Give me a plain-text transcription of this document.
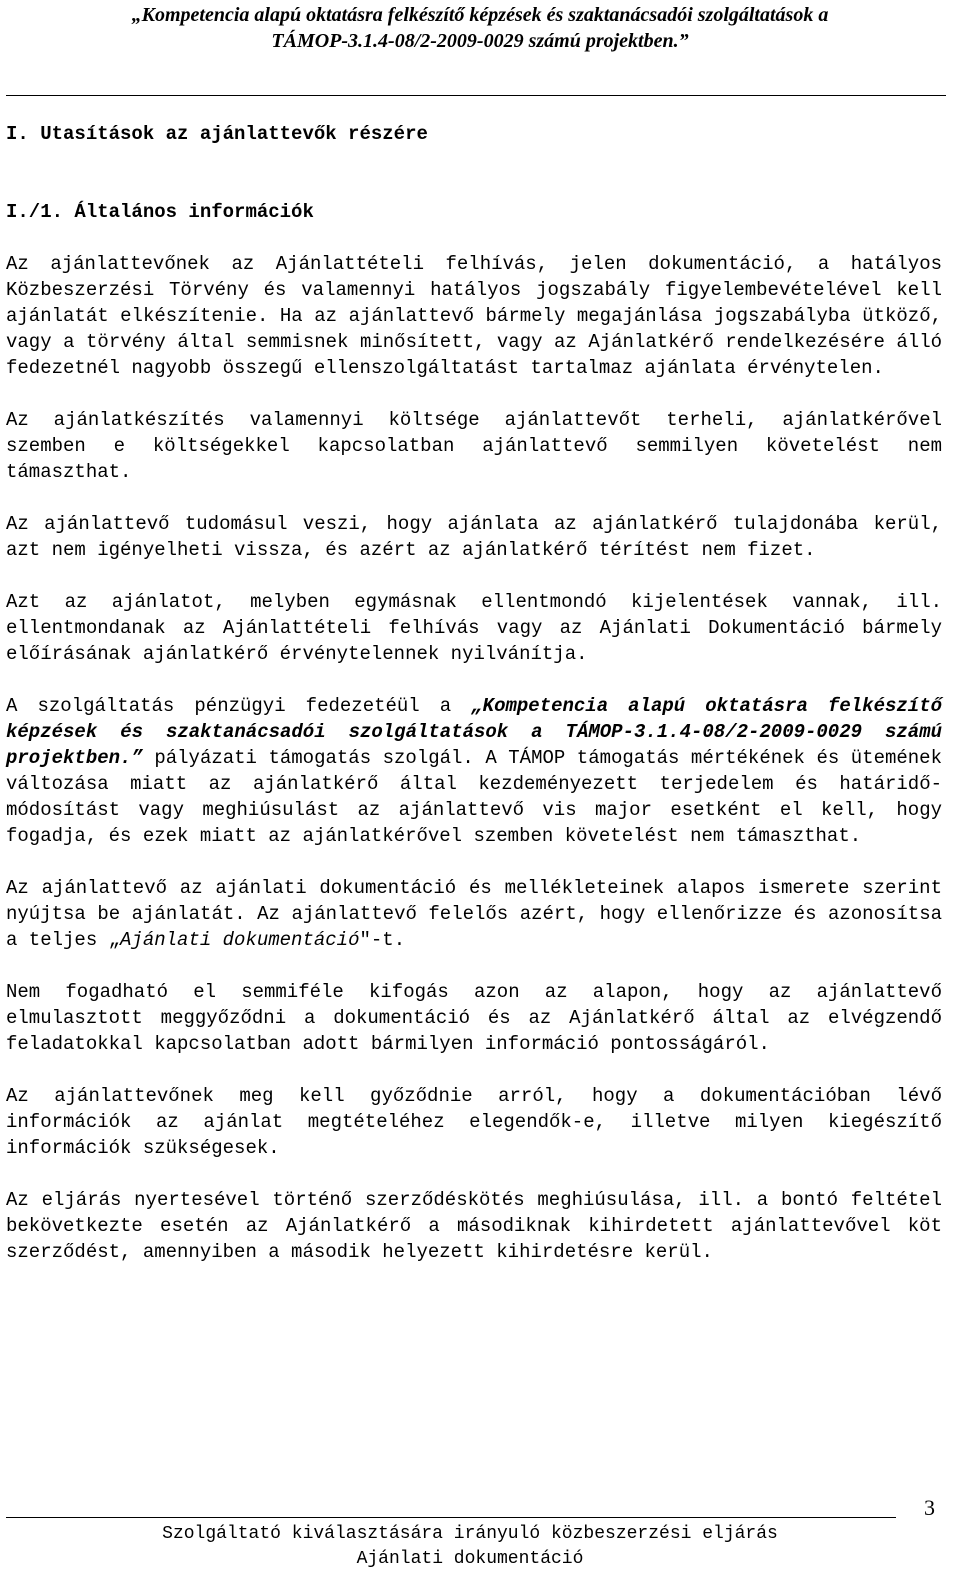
„Kompetencia alapú oktatásra felkészítő képzések és szaktanácsadói szolgáltatások a
TÁMOP-3.1.4-08/2-2009-0029 számú projektben.”
I. Utasítások az ajánlattevők részére
I./1. Általános információk

Az ajánlattevőnek az Ajánlattételi felhívás, jelen dokumentáció, a hatályos Közbeszerzési Törvény és valamennyi hatályos jogszabály figyelembevételével kell ajánlatát elkészítenie. Ha az ajánlattevő bármely megajánlása jogszabályba ütköző, vagy a törvény által semmisnek minősített, vagy az Ajánlatkérő rendelkezésére álló fedezetnél nagyobb összegű ellenszolgáltatást tartalmaz ajánlata érvénytelen.

Az ajánlatkészítés valamennyi költsége ajánlattevőt terheli, ajánlatkérővel szemben e költségekkel kapcsolatban ajánlattevő semmilyen követelést nem támaszthat.

Az ajánlattevő tudomásul veszi, hogy ajánlata az ajánlatkérő tulajdonába kerül, azt nem igényelheti vissza, és azért az ajánlatkérő térítést nem fizet.

Azt az ajánlatot, melyben egymásnak ellentmondó kijelentések vannak, ill. ellentmondanak az Ajánlattételi felhívás vagy az Ajánlati Dokumentáció bármely előírásának ajánlatkérő érvénytelennek nyilvánítja.

A szolgáltatás pénzügyi fedezetéül a „Kompetencia alapú oktatásra felkészítő képzések és szaktanácsadói szolgáltatások a TÁMOP-3.1.4-08/2-2009-0029 számú projektben.” pályázati támogatás szolgál. A TÁMOP támogatás mértékének és ütemének változása miatt az ajánlatkérő által kezdeményezett terjedelem és határidő-módosítást vagy meghiúsulást az ajánlattevő vis major esetként el kell, hogy fogadja, és ezek miatt az ajánlatkérővel szemben követelést nem támaszthat.

Az ajánlattevő az ajánlati dokumentáció és mellékleteinek alapos ismerete szerint nyújtsa be ajánlatát. Az ajánlattevő felelős azért, hogy ellenőrizze és azonosítsa a teljes „Ajánlati dokumentáció"-t.

Nem fogadható el semmiféle kifogás azon az alapon, hogy az ajánlattevő elmulasztott meggyőződni a dokumentáció és az Ajánlatkérő által az elvégzendő feladatokkal kapcsolatban adott bármilyen információ pontosságáról.

Az ajánlattevőnek meg kell győződnie arról, hogy a dokumentációban lévő információk az ajánlat megtételéhez elegendők-e, illetve milyen kiegészítő információk szükségesek.

Az eljárás nyertesével történő szerződéskötés meghiúsulása, ill. a bontó feltétel bekövetkezte esetén az Ajánlatkérő a másodiknak kihirdetett ajánlattevővel köt szerződést, amennyiben a második helyezett kihirdetésre kerül.

3
Szolgáltató kiválasztására irányuló közbeszerzési eljárás
Ajánlati dokumentáció
